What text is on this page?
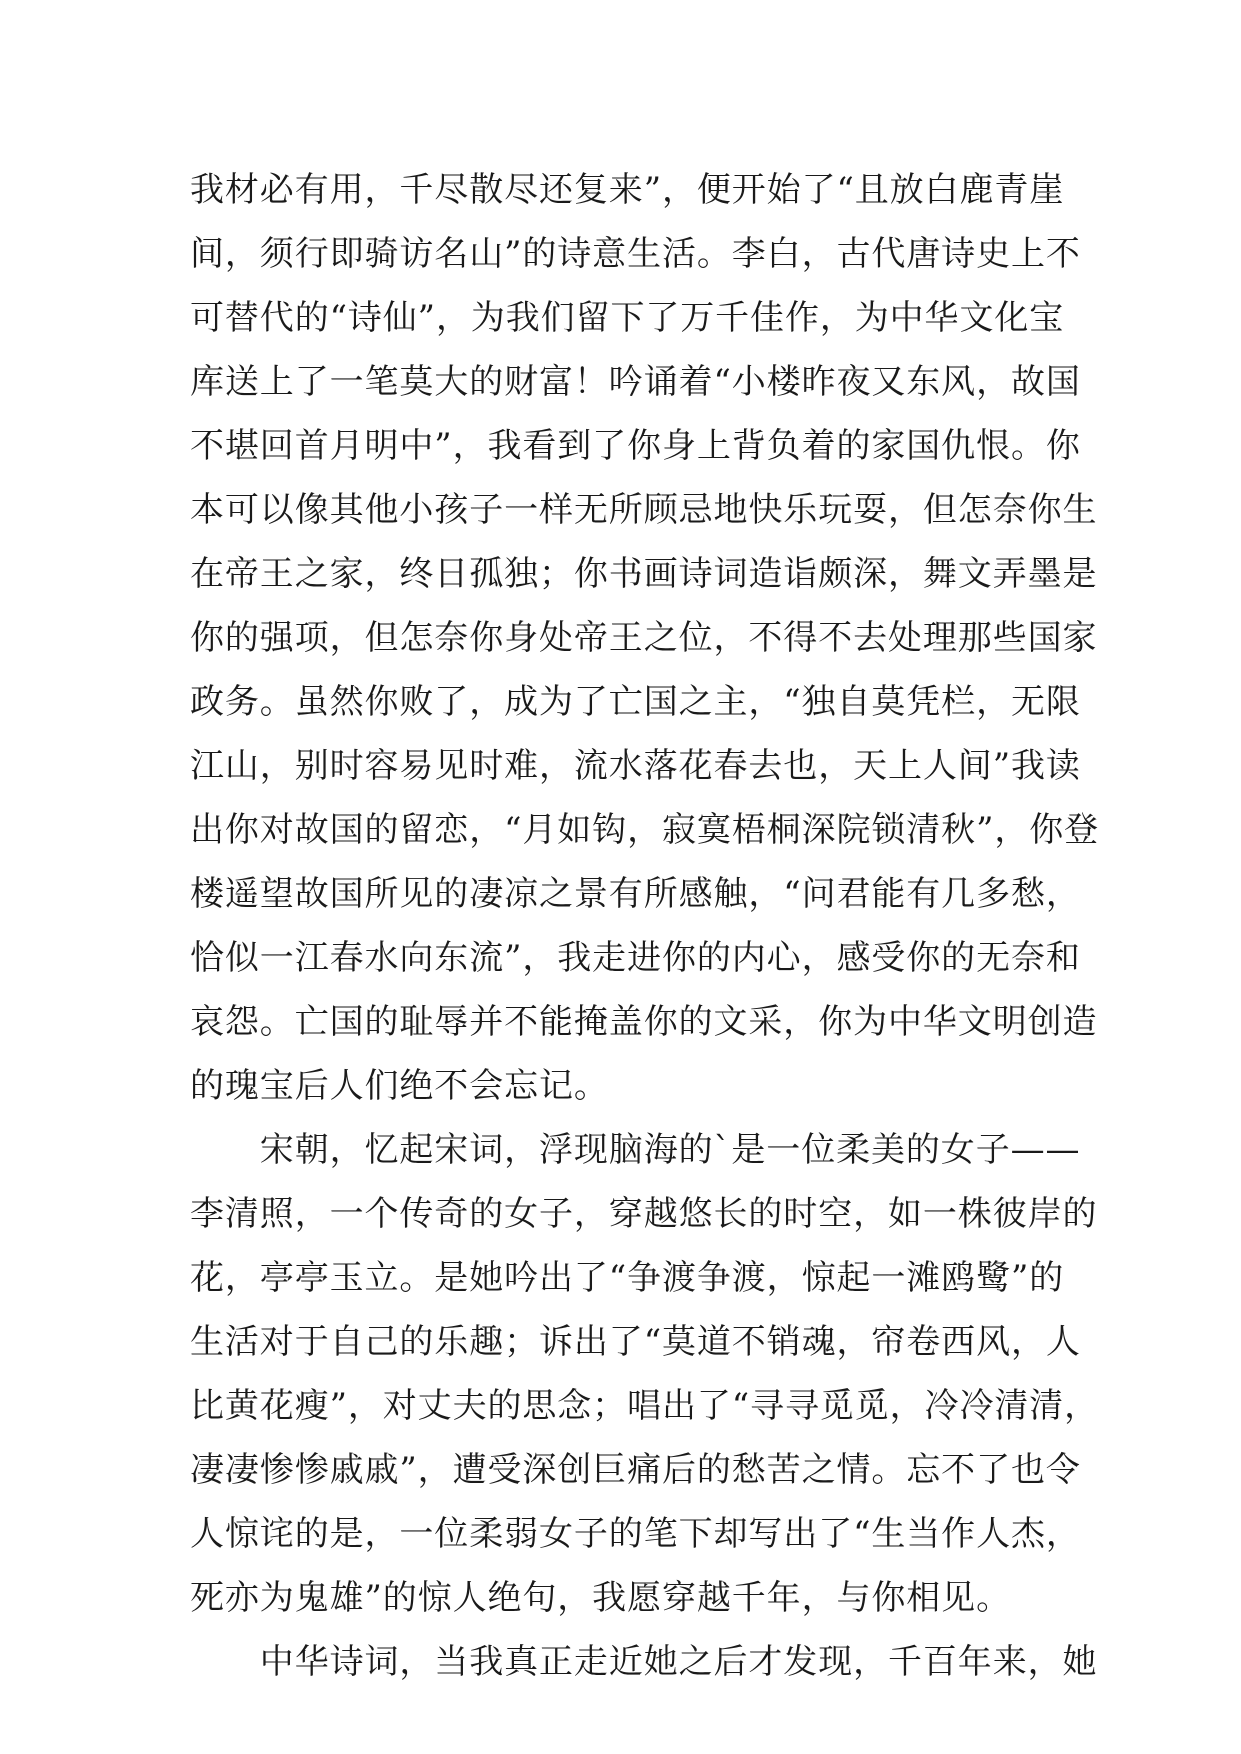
我材必有用，千尽散尽还复来”，便开始了“且放白鹿青崖
间，须行即骑访名山”的诗意生活。李白，古代唐诗史上不
可替代的“诗仙”，为我们留下了万千佳作，为中华文化宝
库送上了一笔莫大的财富！吟诵着“小楼昨夜又东风，故国
不堪回首月明中”，我看到了你身上背负着的家国仇恨。你
本可以像其他小孩子一样无所顾忌地快乐玩耍，但怎奈你生
在帝王之家，终日孤独；你书画诗词造诣颇深，舞文弄墨是
你的强项，但怎奈你身处帝王之位，不得不去处理那些国家
政务。虽然你败了，成为了亡国之主，“独自莫凭栏，无限
江山，别时容易见时难，流水落花春去也，天上人间”我读
出你对故国的留恋，“月如钩，寂寞梧桐深院锁清秋”，你登
楼遥望故国所见的凄凉之景有所感触，“问君能有几多愁，
恰似一江春水向东流”，我走进你的内心，感受你的无奈和
哀怨。亡国的耻辱并不能掩盖你的文采，你为中华文明创造
的瑰宝后人们绝不会忘记。
　　宋朝，忆起宋词，浮现脑海的`是一位柔美的女子——
李清照，一个传奇的女子，穿越悠长的时空，如一株彼岸的
花，亭亭玉立。是她吟出了“争渡争渡，惊起一滩鸥鹭”的
生活对于自己的乐趣；诉出了“莫道不销魂，帘卷西风，人
比黄花瘦”，对丈夫的思念；唱出了“寻寻觅觅，冷冷清清，
凄凄惨惨戚戚”，遭受深创巨痛后的愁苦之情。忘不了也令
人惊诧的是，一位柔弱女子的笔下却写出了“生当作人杰，
死亦为鬼雄”的惊人绝句，我愿穿越千年，与你相见。
　　中华诗词，当我真正走近她之后才发现，千百年来，她
